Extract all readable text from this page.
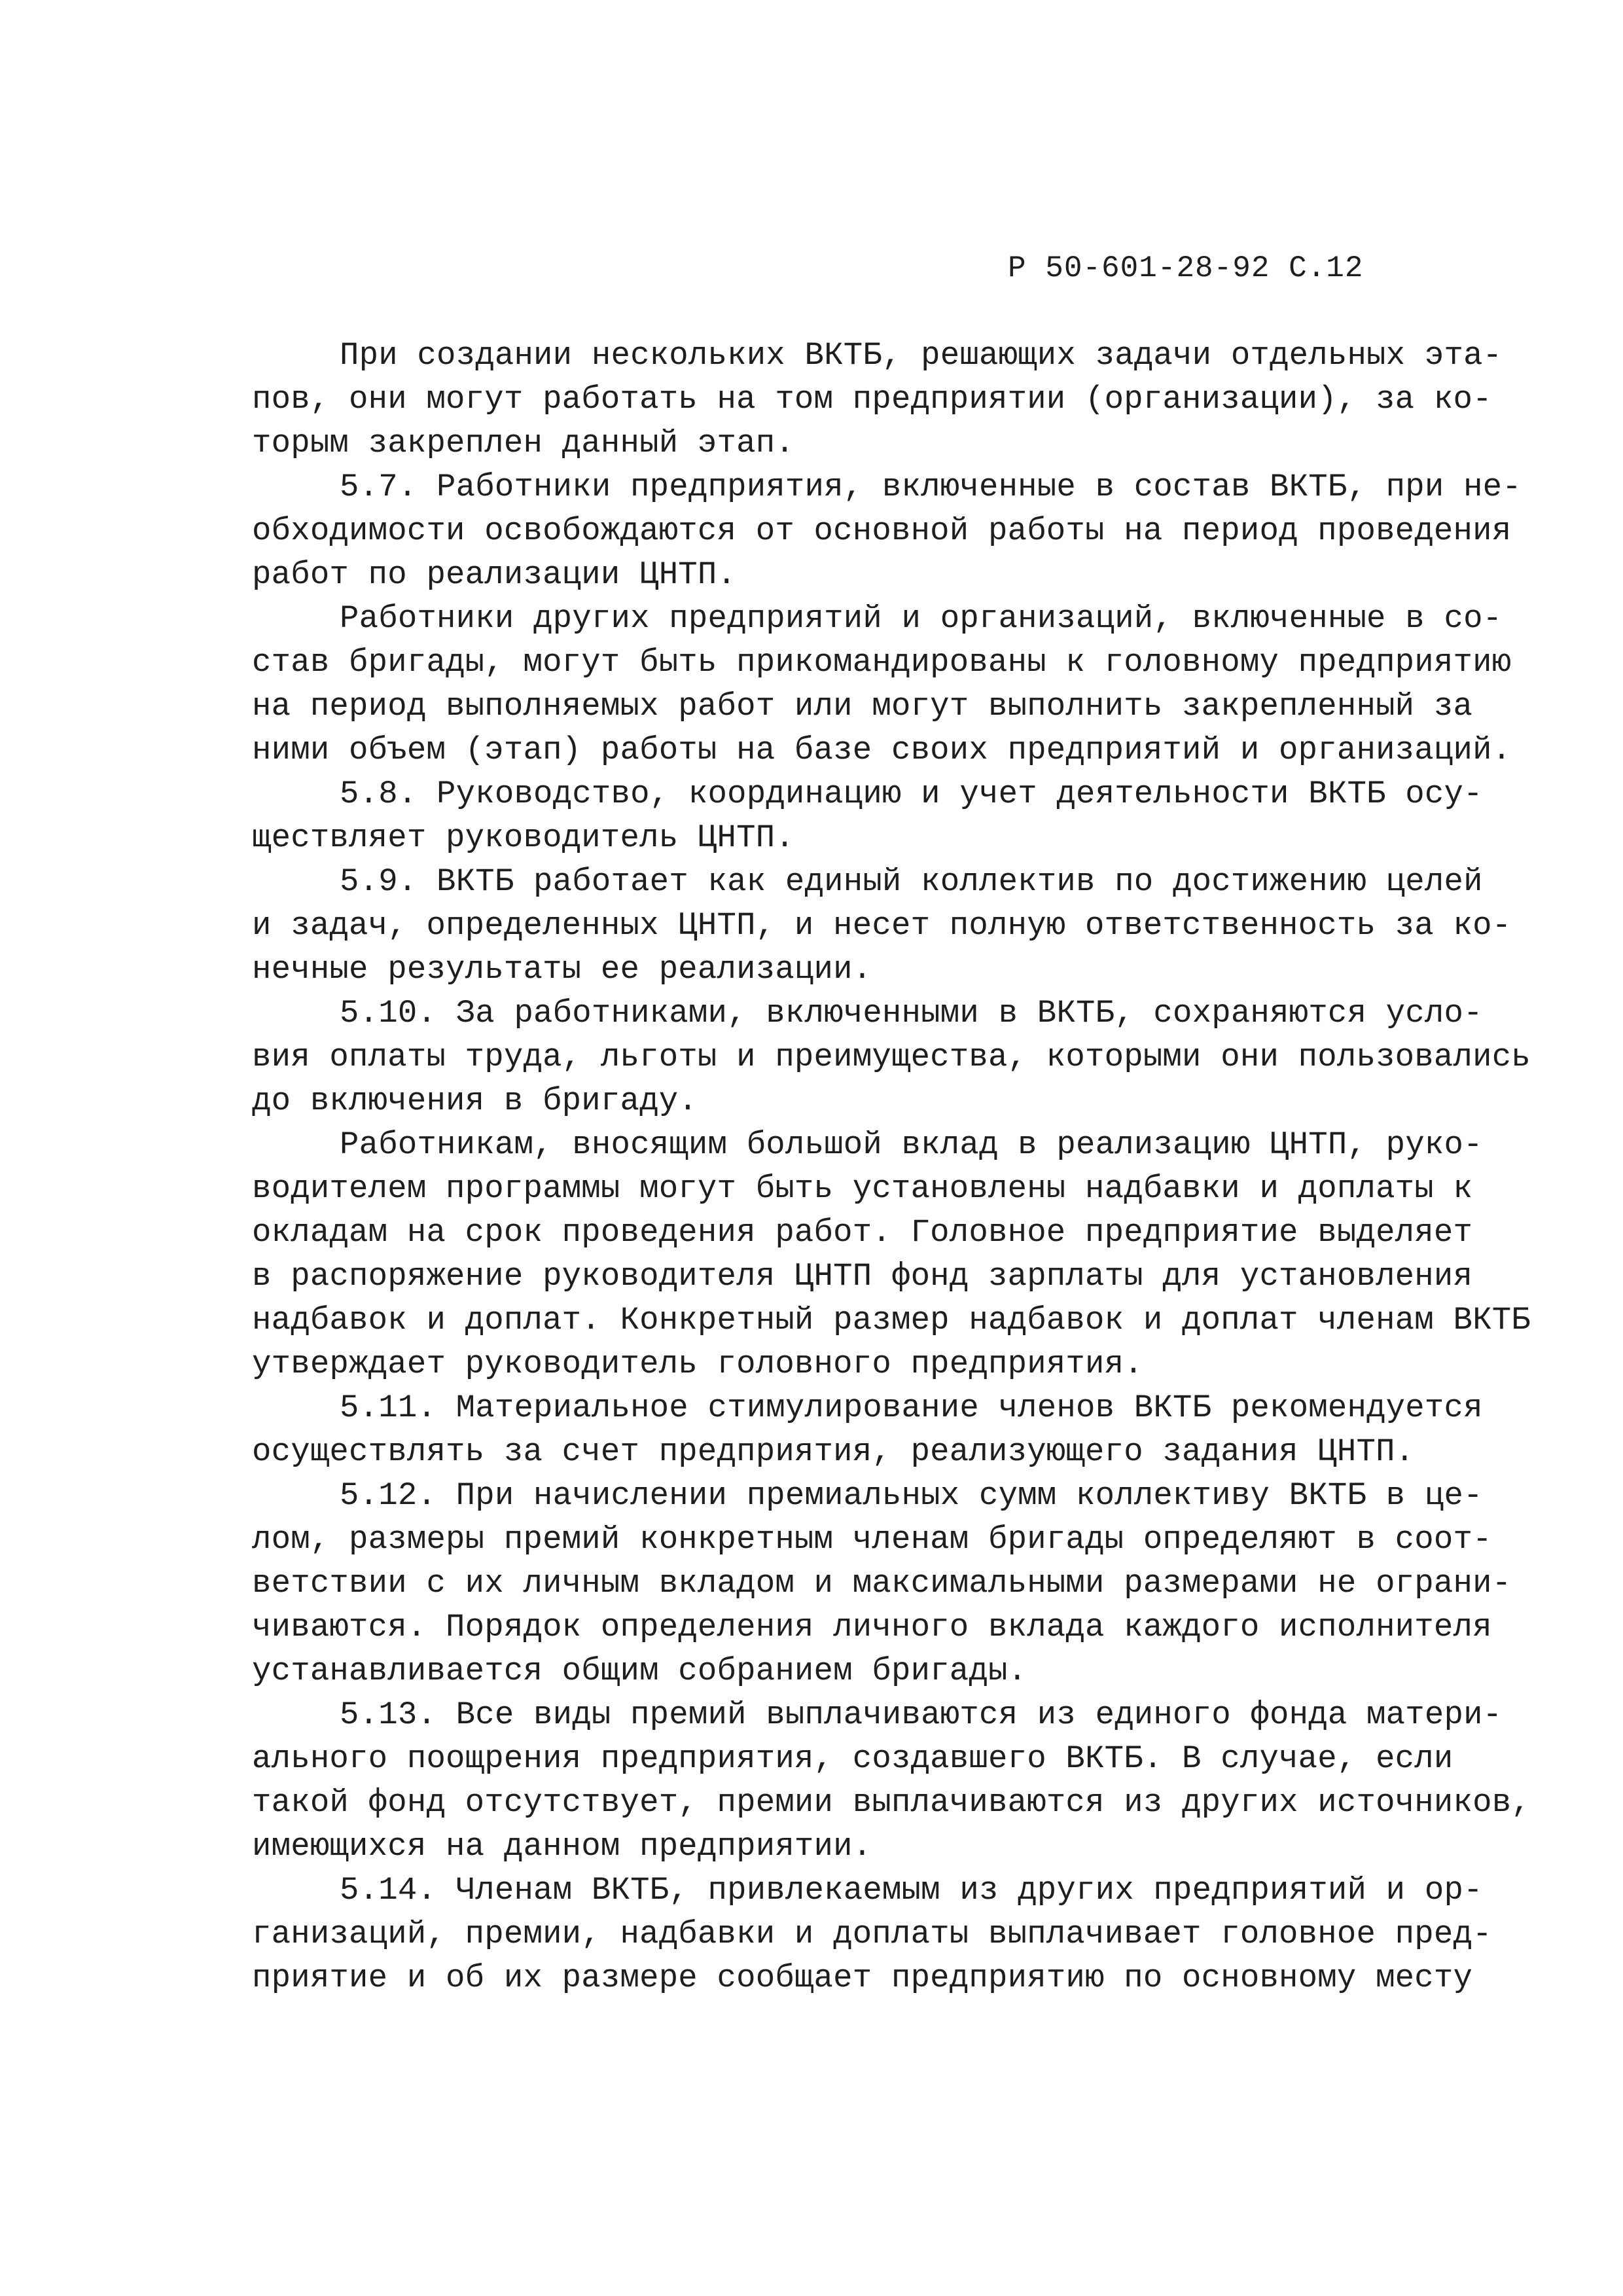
Р 50-601-28-92 С.12
При создании нескольких ВКТБ, решающих задачи отдельных эта-
пов, они могут работать на том предприятии (организации), за ко-
торым закреплен данный этап.
5.7. Работники предприятия, включенные в состав ВКТБ, при не-
обходимости освобождаются от основной работы на период проведения
работ по реализации ЦНТП.
Работники других предприятий и организаций, включенные в со-
став бригады, могут быть прикомандированы к головному предприятию
на период выполняемых работ или могут выполнить закрепленный за
ними объем (этап) работы на базе своих предприятий и организаций.
5.8. Руководство, координацию и учет деятельности ВКТБ осу-
ществляет руководитель ЦНТП.
5.9. ВКТБ работает как единый коллектив по достижению целей
и задач, определенных ЦНТП, и несет полную ответственность за ко-
нечные результаты ее реализации.
5.10. За работниками, включенными в ВКТБ, сохраняются усло-
вия оплаты труда, льготы и преимущества, которыми они пользовались
до включения в бригаду.
Работникам, вносящим большой вклад в реализацию ЦНТП, руко-
водителем программы могут быть установлены надбавки и доплаты к
окладам на срок проведения работ. Головное предприятие выделяет
в распоряжение руководителя ЦНТП фонд зарплаты для установления
надбавок и доплат. Конкретный размер надбавок и доплат членам ВКТБ
утверждает руководитель головного предприятия.
5.11. Материальное стимулирование членов ВКТБ рекомендуется
осуществлять за счет предприятия, реализующего задания ЦНТП.
5.12. При начислении премиальных сумм коллективу ВКТБ в це-
лом, размеры премий конкретным членам бригады определяют в соот-
ветствии с их личным вкладом и максимальными размерами не ограни-
чиваются. Порядок определения личного вклада каждого исполнителя
устанавливается общим собранием бригады.
5.13. Все виды премий выплачиваются из единого фонда матери-
ального поощрения предприятия, создавшего ВКТБ. В случае, если
такой фонд отсутствует, премии выплачиваются из других источников,
имеющихся на данном предприятии.
5.14. Членам ВКТБ, привлекаемым из других предприятий и ор-
ганизаций, премии, надбавки и доплаты выплачивает головное пред-
приятие и об их размере сообщает предприятию по основному месту
